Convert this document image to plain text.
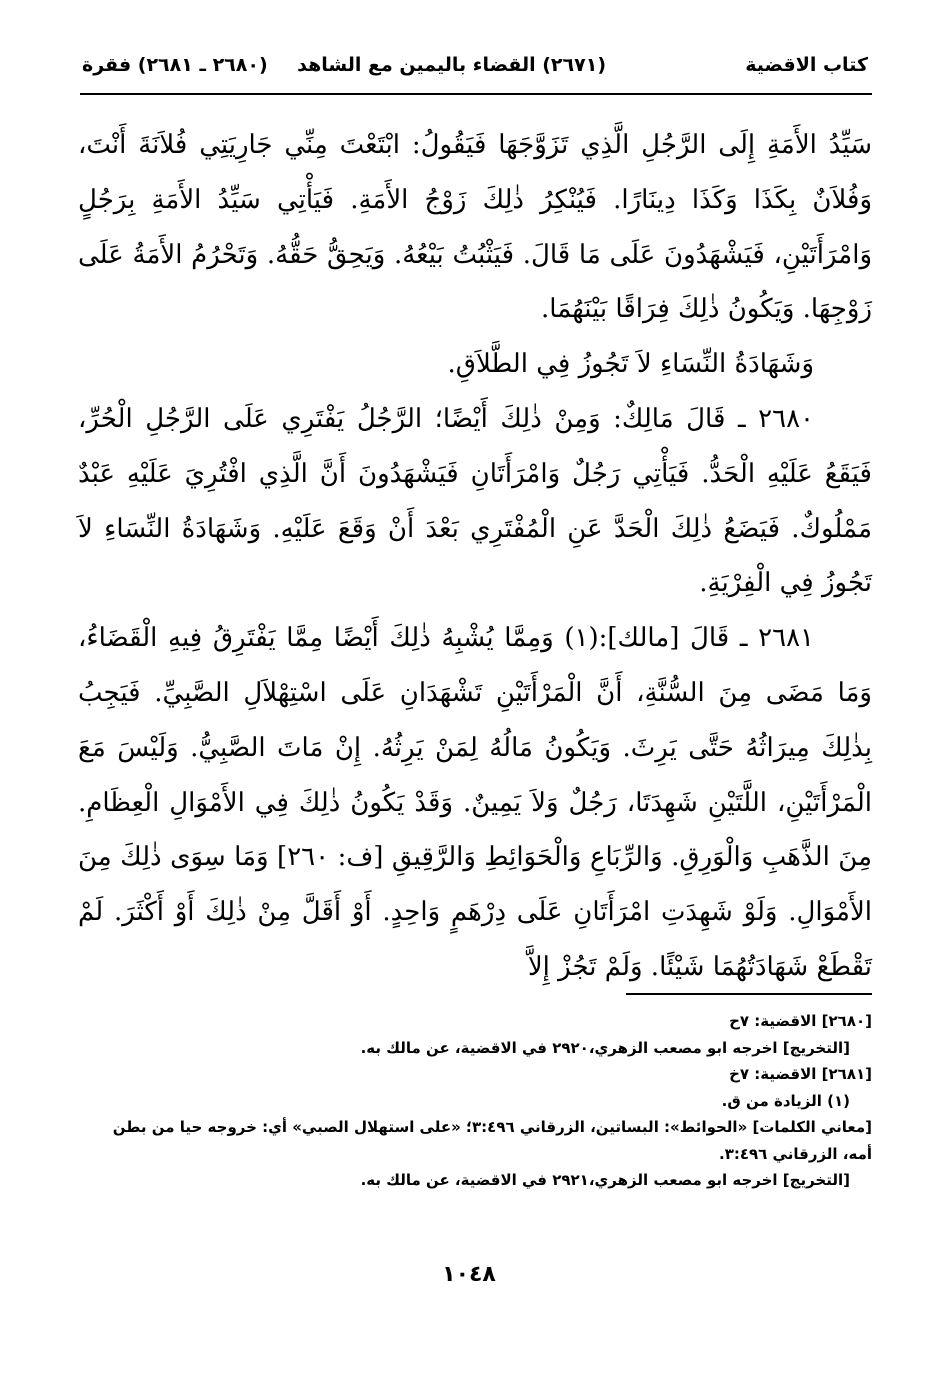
كتاب الاقضية
(٢٦٧١) القضاء باليمين مع الشاهد
(٢٦٨٠ ـ ٢٦٨١) فقرة

سَيِّدُ الأَمَةِ إِلَى الرَّجُلِ الَّذِي تَزَوَّجَهَا فَيَقُولُ: ابْتَعْتَ مِنِّي جَارِيَتِي فُلاَنَةَ أَنْتَ، وَفُلاَنٌ بِكَذَا وَكَذَا دِينَارًا. فَيُنْكِرُ ذٰلِكَ زَوْجُ الأَمَةِ. فَيَأْتِي سَيِّدُ الأَمَةِ بِرَجُلٍ وَامْرَأَتَيْنِ، فَيَشْهَدُونَ عَلَى مَا قَالَ. فَيَثْبُتُ بَيْعُهُ. وَيَحِقُّ حَقُّهُ. وَتَحْرُمُ الأَمَةُ عَلَى زَوْجِهَا. وَيَكُونُ ذٰلِكَ فِرَاقًا بَيْنَهُمَا.

وَشَهَادَةُ النِّسَاءِ لاَ تَجُوزُ فِي الطَّلاَقِ.

٢٦٨٠ ـ قَالَ مَالِكٌ: وَمِنْ ذٰلِكَ أَيْضًا؛ الرَّجُلُ يَفْتَرِي عَلَى الرَّجُلِ الْحُرِّ، فَيَقَعُ عَلَيْهِ الْحَدُّ. فَيَأْتِي رَجُلٌ وَامْرَأَتَانِ فَيَشْهَدُونَ أَنَّ الَّذِي افْتُرِيَ عَلَيْهِ عَبْدٌ مَمْلُوكٌ. فَيَضَعُ ذٰلِكَ الْحَدَّ عَنِ الْمُفْتَرِي بَعْدَ أَنْ وَقَعَ عَلَيْهِ. وَشَهَادَةُ النِّسَاءِ لاَ تَجُوزُ فِي الْفِرْيَةِ.

٢٦٨١ ـ قَالَ [مالك]:(١) وَمِمَّا يُشْبِهُ ذٰلِكَ أَيْضًا مِمَّا يَفْتَرِقُ فِيهِ الْقَضَاءُ، وَمَا مَضَى مِنَ السُّنَّةِ، أَنَّ الْمَرْأَتَيْنِ تَشْهَدَانِ عَلَى اسْتِهْلاَلِ الصَّبِيِّ. فَيَجِبُ بِذٰلِكَ مِيرَاثُهُ حَتَّى يَرِثَ. وَيَكُونُ مَالُهُ لِمَنْ يَرِثُهُ. إِنْ مَاتَ الصَّبِيُّ. وَلَيْسَ مَعَ الْمَرْأَتَيْنِ، اللَّتَيْنِ شَهِدَتَا، رَجُلٌ وَلاَ يَمِينٌ. وَقَدْ يَكُونُ ذٰلِكَ فِي الأَمْوَالِ الْعِظَامِ. مِنَ الذَّهَبِ وَالْوَرِقِ. وَالرِّبَاعِ وَالْحَوَائِطِ وَالرَّقِيقِ [ف: ٢٦٠] وَمَا سِوَى ذٰلِكَ مِنَ الأَمْوَالِ. وَلَوْ شَهِدَتِ امْرَأَتَانِ عَلَى دِرْهَمٍ وَاحِدٍ. أَوْ أَقَلَّ مِنْ ذٰلِكَ أَوْ أَكْثَرَ. لَمْ تَقْطَعْ شَهَادَتُهُمَا شَيْئًا. وَلَمْ تَجُزْ إِلاَّ

[٢٦٨٠] الاقضية: ٧ح

[التخريج] اخرجه ابو مصعب الزهري،٢٩٢٠ في الاقضية، عن مالك به.

[٢٦٨١] الاقضية: ٧خ

(١) الزيادة من ق.

[معاني الكلمات] «الحوائط»: البساتين، الزرقاني ٣:٤٩٦؛ «على استهلال الصبي» أي: خروجه حيا من بطن أمه، الزرقاني ٣:٤٩٦.

[التخريج] اخرجه ابو مصعب الزهري،٢٩٢١ في الاقضية، عن مالك به.

١٠٤٨
